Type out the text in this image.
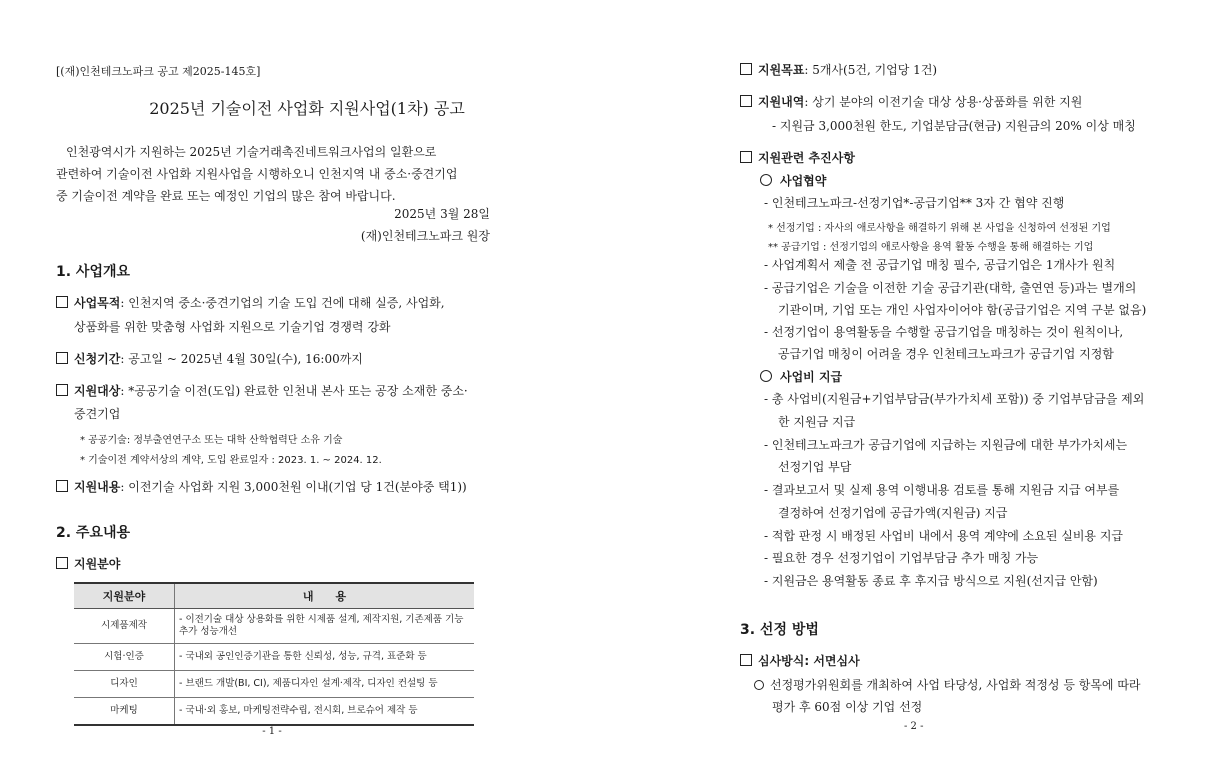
[(재)인천테크노파크 공고 제2025-145호]
2025년 기술이전 사업화 지원사업(1차) 공고
인천광역시가 지원하는 2025년 기술거래촉진네트워크사업의 일환으로
관련하여 기술이전 사업화 지원사업을 시행하오니 인천지역 내 중소·중견기업
중 기술이전 계약을 완료 또는 예정인 기업의 많은 참여 바랍니다.
2025년 3월 28일
(재)인천테크노파크 원장
1. 사업개요
사업목적: 인천지역 중소·중견기업의 기술 도입 건에 대해 실증, 사업화,
상품화를 위한 맞춤형 사업화 지원으로 기술기업 경쟁력 강화
신청기간: 공고일 ~ 2025년 4월 30일(수), 16:00까지
지원대상: *공공기술 이전(도입) 완료한 인천내 본사 또는 공장 소재한 중소·
중견기업
* 공공기술: 정부출연연구소 또는 대학 산학협력단 소유 기술
* 기술이전 계약서상의 계약, 도입 완료일자 : 2023. 1. ~ 2024. 12.
지원내용: 이전기술 사업화 지원 3,000천원 이내(기업 당 1건(분야중 택1))
2. 주요내용
지원분야
지원분야	내　　용
시제품제작	- 이전기술 대상 상용화를 위한 시제품 설계, 제작지원, 기존제품 기능 추가 성능개선
시험·인증	- 국내외 공인인증기관을 통한 신뢰성, 성능, 규격, 표준화 등
디자인	- 브랜드 개발(BI, CI), 제품디자인 설계·제작, 디자인 컨설팅 등
마케팅	- 국내·외 홍보, 마케팅전략수립, 전시회, 브로슈어 제작 등
- 1 -
지원목표: 5개사(5건, 기업당 1건)
지원내역: 상기 분야의 이전기술 대상 상용·상품화를 위한 지원
- 지원금 3,000천원 한도, 기업분담금(현금) 지원금의 20% 이상 매칭
지원관련 추진사항
사업협약
- 인천테크노파크-선정기업*-공급기업** 3자 간 협약 진행
* 선정기업 : 자사의 애로사항을 해결하기 위해 본 사업을 신청하여 선정된 기업
** 공급기업 : 선정기업의 애로사항을 용역 활동 수행을 통해 해결하는 기업
- 사업계획서 제출 전 공급기업 매칭 필수, 공급기업은 1개사가 원칙
- 공급기업은 기술을 이전한 기술 공급기관(대학, 출연연 등)과는 별개의
기관이며, 기업 또는 개인 사업자이어야 함(공급기업은 지역 구분 없음)
- 선정기업이 용역활동을 수행할 공급기업을 매칭하는 것이 원칙이나,
공급기업 매칭이 어려울 경우 인천테크노파크가 공급기업 지정함
사업비 지급
- 총 사업비(지원금+기업부담금(부가가치세 포함)) 중 기업부담금을 제외
한 지원금 지급
- 인천테크노파크가 공급기업에 지급하는 지원금에 대한 부가가치세는
선정기업 부담
- 결과보고서 및 실제 용역 이행내용 검토를 통해 지원금 지급 여부를
결정하여 선정기업에 공급가액(지원금) 지급
- 적합 판정 시 배정된 사업비 내에서 용역 계약에 소요된 실비용 지급
- 필요한 경우 선정기업이 기업부담금 추가 매칭 가능
- 지원금은 용역활동 종료 후 후지급 방식으로 지원(선지급 안함)
3. 선정 방법
심사방식: 서면심사
선정평가위원회를 개최하여 사업 타당성, 사업화 적정성 등 항목에 따라
평가 후 60점 이상 기업 선정
- 2 -
